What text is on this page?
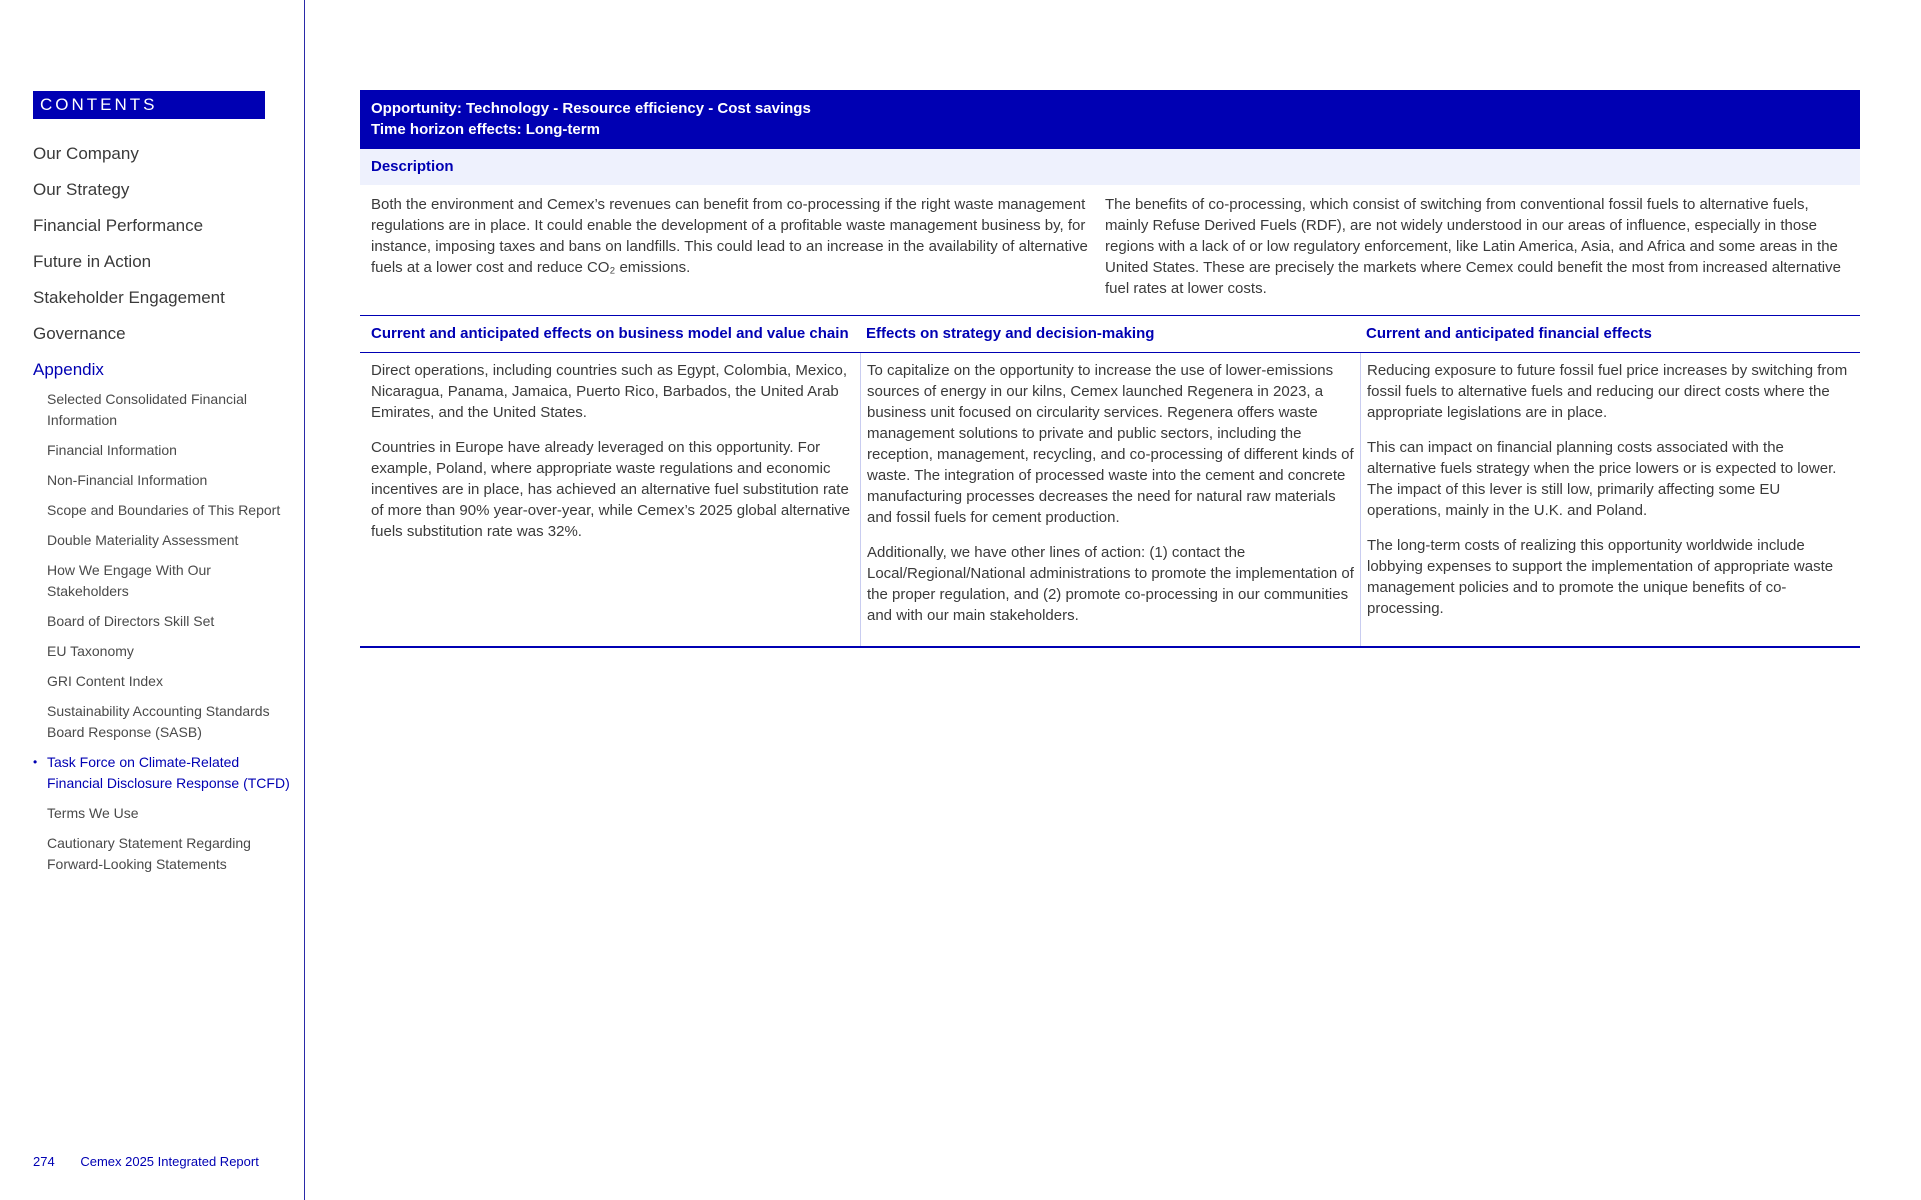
CONTENTS
Our Company
Our Strategy
Financial Performance
Future in Action
Stakeholder Engagement
Governance
Appendix
Selected Consolidated Financial Information
Financial Information
Non-Financial Information
Scope and Boundaries of This Report
Double Materiality Assessment
How We Engage With Our Stakeholders
Board of Directors Skill Set
EU Taxonomy
GRI Content Index
Sustainability Accounting Standards Board Response (SASB)
• Task Force on Climate-Related Financial Disclosure Response (TCFD)
Terms We Use
Cautionary Statement Regarding Forward-Looking Statements
274 Cemex 2025 Integrated Report
Opportunity: Technology - Resource efficiency - Cost savings
Time horizon effects: Long-term
Description
Both the environment and Cemex’s revenues can benefit from co-processing if the right waste management regulations are in place. It could enable the development of a profitable waste management business by, for instance, imposing taxes and bans on landfills. This could lead to an increase in the availability of alternative fuels at a lower cost and reduce CO₂ emissions.
The benefits of co-processing, which consist of switching from conventional fossil fuels to alternative fuels, mainly Refuse Derived Fuels (RDF), are not widely understood in our areas of influence, especially in those regions with a lack of or low regulatory enforcement, like Latin America, Asia, and Africa and some areas in the United States. These are precisely the markets where Cemex could benefit the most from increased alternative fuel rates at lower costs.
Current and anticipated effects on business model and value chain	Effects on strategy and decision-making	Current and anticipated financial effects

Direct operations, including countries such as Egypt, Colombia, Mexico, Nicaragua, Panama, Jamaica, Puerto Rico, Barbados, the United Arab Emirates, and the United States.

Countries in Europe have already leveraged on this opportunity. For example, Poland, where appropriate waste regulations and economic incentives are in place, has achieved an alternative fuel substitution rate of more than 90% year-over-year, while Cemex’s 2025 global alternative fuels substitution rate was 32%.

To capitalize on the opportunity to increase the use of lower-emissions sources of energy in our kilns, Cemex launched Regenera in 2023, a business unit focused on circularity services. Regenera offers waste management solutions to private and public sectors, including the reception, management, recycling, and co-processing of different kinds of waste. The integration of processed waste into the cement and concrete manufacturing processes decreases the need for natural raw materials and fossil fuels for cement production.

Additionally, we have other lines of action: (1) contact the Local/Regional/National administrations to promote the implementation of the proper regulation, and (2) promote co-processing in our communities and with our main stakeholders.

Reducing exposure to future fossil fuel price increases by switching from fossil fuels to alternative fuels and reducing our direct costs where the appropriate legislations are in place.

This can impact on financial planning costs associated with the alternative fuels strategy when the price lowers or is expected to lower. The impact of this lever is still low, primarily affecting some EU operations, mainly in the U.K. and Poland.

The long-term costs of realizing this opportunity worldwide include lobbying expenses to support the implementation of appropriate waste management policies and to promote the unique benefits of co-processing.
